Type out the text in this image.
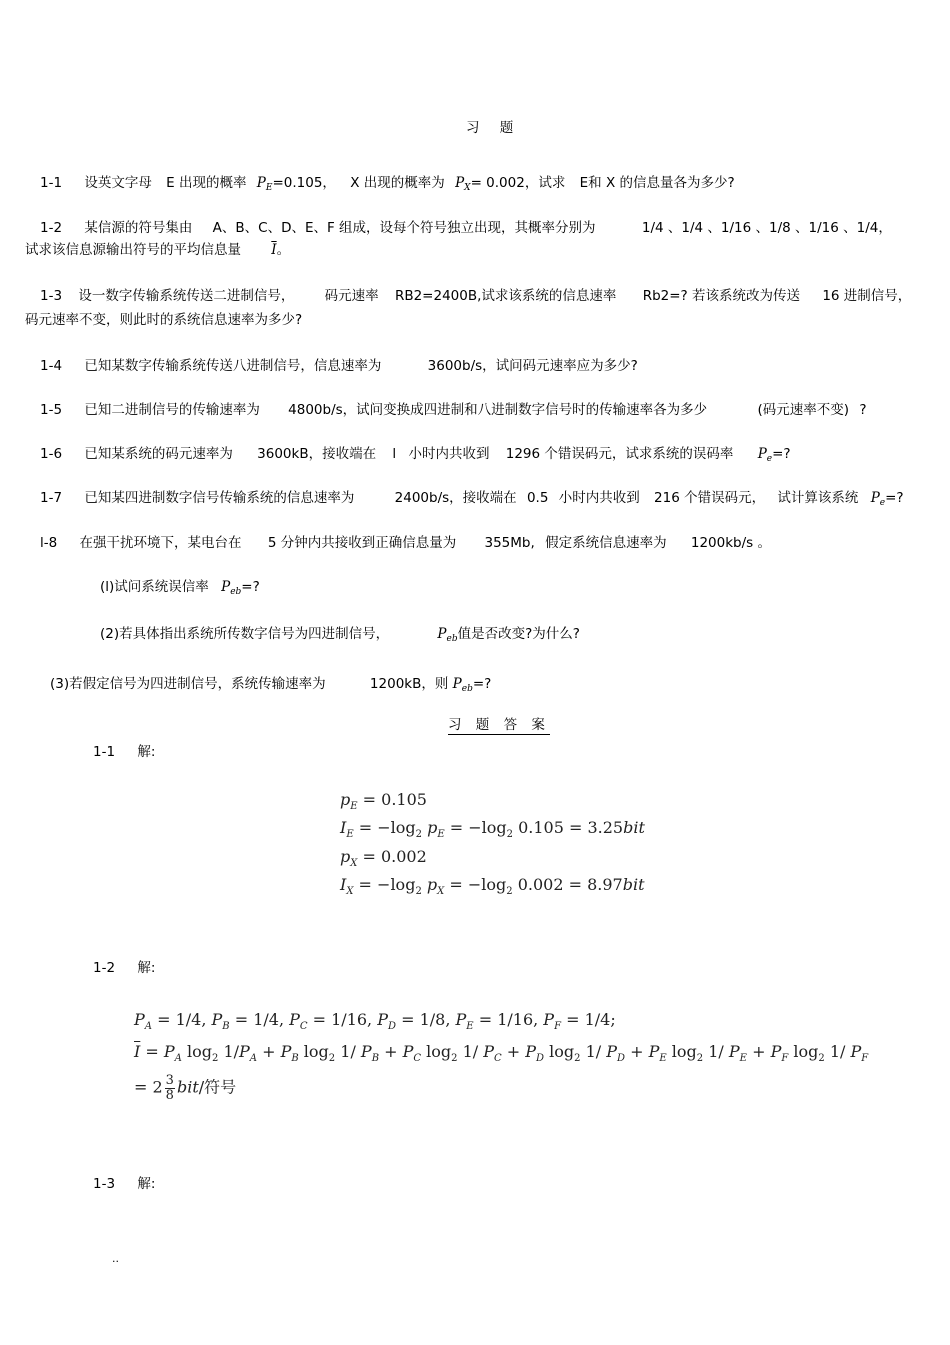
习 题
1-1 设英文字母 E 出现的概率 $P_E=0.105$， X 出现的概率为 $P_X= 0.002$，试求 E和 X 的信息量各为多少?
1-2 某信源的符号集由 A、B、C、D、E、F 组成，设每个符号独立出现，其概率分别为	1/4 、1/4 、1/16 、1/8 、1/16 、1/4，
试求该信息源输出符号的平均信息量 $\overline{I}$。
1-3 设一数字传输系统传送二进制信号， 码元速率 RB2=2400B,试求该系统的信息速率 Rb2=? 若该系统改为传送 16 进制信号，
码元速率不变，则此时的系统信息速率为多少?
1-4 已知某数字传输系统传送八进制信号，信息速率为	3600b/s，试问码元速率应为多少?
1-5 已知二进制信号的传输速率为 4800b/s，试问变换成四进制和八进制数字信号时的传输速率各为多少	(码元速率不变) ?
1-6 已知某系统的码元速率为 3600kB，接收端在 l 小时内共收到 1296 个错误码元，试求系统的误码率 $P_e=$?
1-7 已知某四进制数字信号传输系统的信息速率为	2400b/s，接收端在 0.5 小时内共收到 216 个错误码元， 试计算该系统 $P_e=$?
l-8 在强干扰环境下，某电台在 5 分钟内共接收到正确信息量为 355Mb, 假定系统信息速率为 1200kb/s 。
(l)试问系统误信率 $P_{eb}=$?
(2)若具体指出系统所传数字信号为四进制信号，	$P_{eb}$值是否改变?为什么?
(3)若假定信号为四进制信号，系统传输速率为	1200kB，则 $P_{eb}=$?
习 题 答 案
1-1 解:
$p_E = 0.105$
$I_E = -\log_2$ $p_E = -\log_2$ 0.105 = 3.25bit
$p_X = 0.002$
$I_X = -\log_2$ $p_X = -\log_2$ 0.002 = 8.97bit
1-2 解:
$P_A = 1/4$, $P_B = 1/4$, $P_C = 1/16$, $P_D = 1/8$, $P_E = 1/16$, $P_F = 1/4$;
$\overline{I} = P_A$ $\log_2 1/P_A + P_B$ $\log_2 1/$ $P_B + P_C$ $\log_2 1/$ $P_C + P_D$ $\log_2 1/$ $P_D + P_E$ $\log_2 1/$ $P_E + P_F$ $\log_2 1/$ $P_F$
= $2 \frac{3}{8} bit/$符号
1-3 解:
..
